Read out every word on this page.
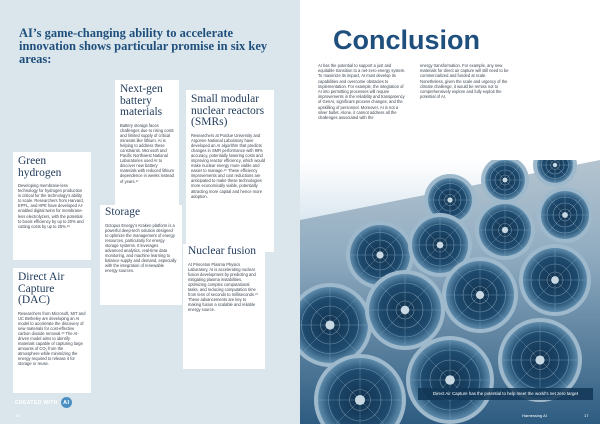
AI’s game-changing ability to accelerate innovation shows particular promise in six key areas:
Next-gen battery materials

Battery storage faces challenges due to rising costs and limited supply of critical minerals like lithium. AI is helping to address these constraints. Microsoft and Pacific Northwest National Laboratories used AI to discover new battery materials with reduced lithium dependence in weeks instead of years.¹⁷

Small modular nuclear reactors (SMRs)

Researchers at Purdue University and Argonne National Laboratory have developed an AI algorithm that predicts changes in SMR performance with 99% accuracy, potentially lowering costs and improving reactor efficiency, which would make nuclear energy more viable and easier to manage.¹⁹ These efficiency improvements and cost reductions are anticipated to make these technologies more economically viable, potentially attracting more capital and hence more adoption.

Green hydrogen

Developing membrane-less technology for hydrogen production is critical for the technology’s ability to scale. Researchers from Harvard, EPFL, and HPE have developed AI-enabled digital twins for membrane-less electrolyzers, with the potential to boost efficiency by up to 20% and cutting costs by up to 25%.¹⁸

Storage

Octopus Energy’s Kraken platform is a powerful deep-tech solution designed to optimize the management of energy resources, particularly for energy storage systems. It leverages advanced analytics, real-time data monitoring, and machine learning to balance supply and demand, especially with the integration of renewable energy sources.

Direct Air Capture (DAC)

Researchers from Microsoft, MIT and UC Berkeley are developing an AI model to accelerate the discovery of new materials for cost-effective carbon dioxide removal.²⁰ The AI-driven model aims to identify materials capable of capturing large amounts of CO₂ from the atmosphere while minimizing the energy required to release it for storage or reuse.

Nuclear fusion

At Princeton Plasma Physics Laboratory, AI is accelerating nuclear fusion development by predicting and mitigating plasma instabilities, optimizing complex computational tasks, and reducing computation time from tens of seconds to milliseconds.²¹ These advancements are key to making fusion a scalable and reliable energy source.

CREATED WITH AI
16
Conclusion

AI has the potential to support a just and equitable transition to a net-zero energy system. To maximize its impact, AI must develop its capabilities and overcome obstacles to implementation. For example, the integration of AI into permitting processes will require improvements in the reliability and transparency of GenAI, significant process changes, and the upskilling of personnel. Moreover, AI is not a silver bullet. Alone, it cannot address all the challenges associated with the

energy transformation. For example, any new materials for direct air capture will still need to be commercialized and funded at scale. Nonetheless, given the scale and urgency of the climate challenge, it would be remiss not to comprehensively explore and fully exploit the potential of AI.

Direct Air Capture has the potential to help meet the world’s net zero target
Harnessing AI	17
